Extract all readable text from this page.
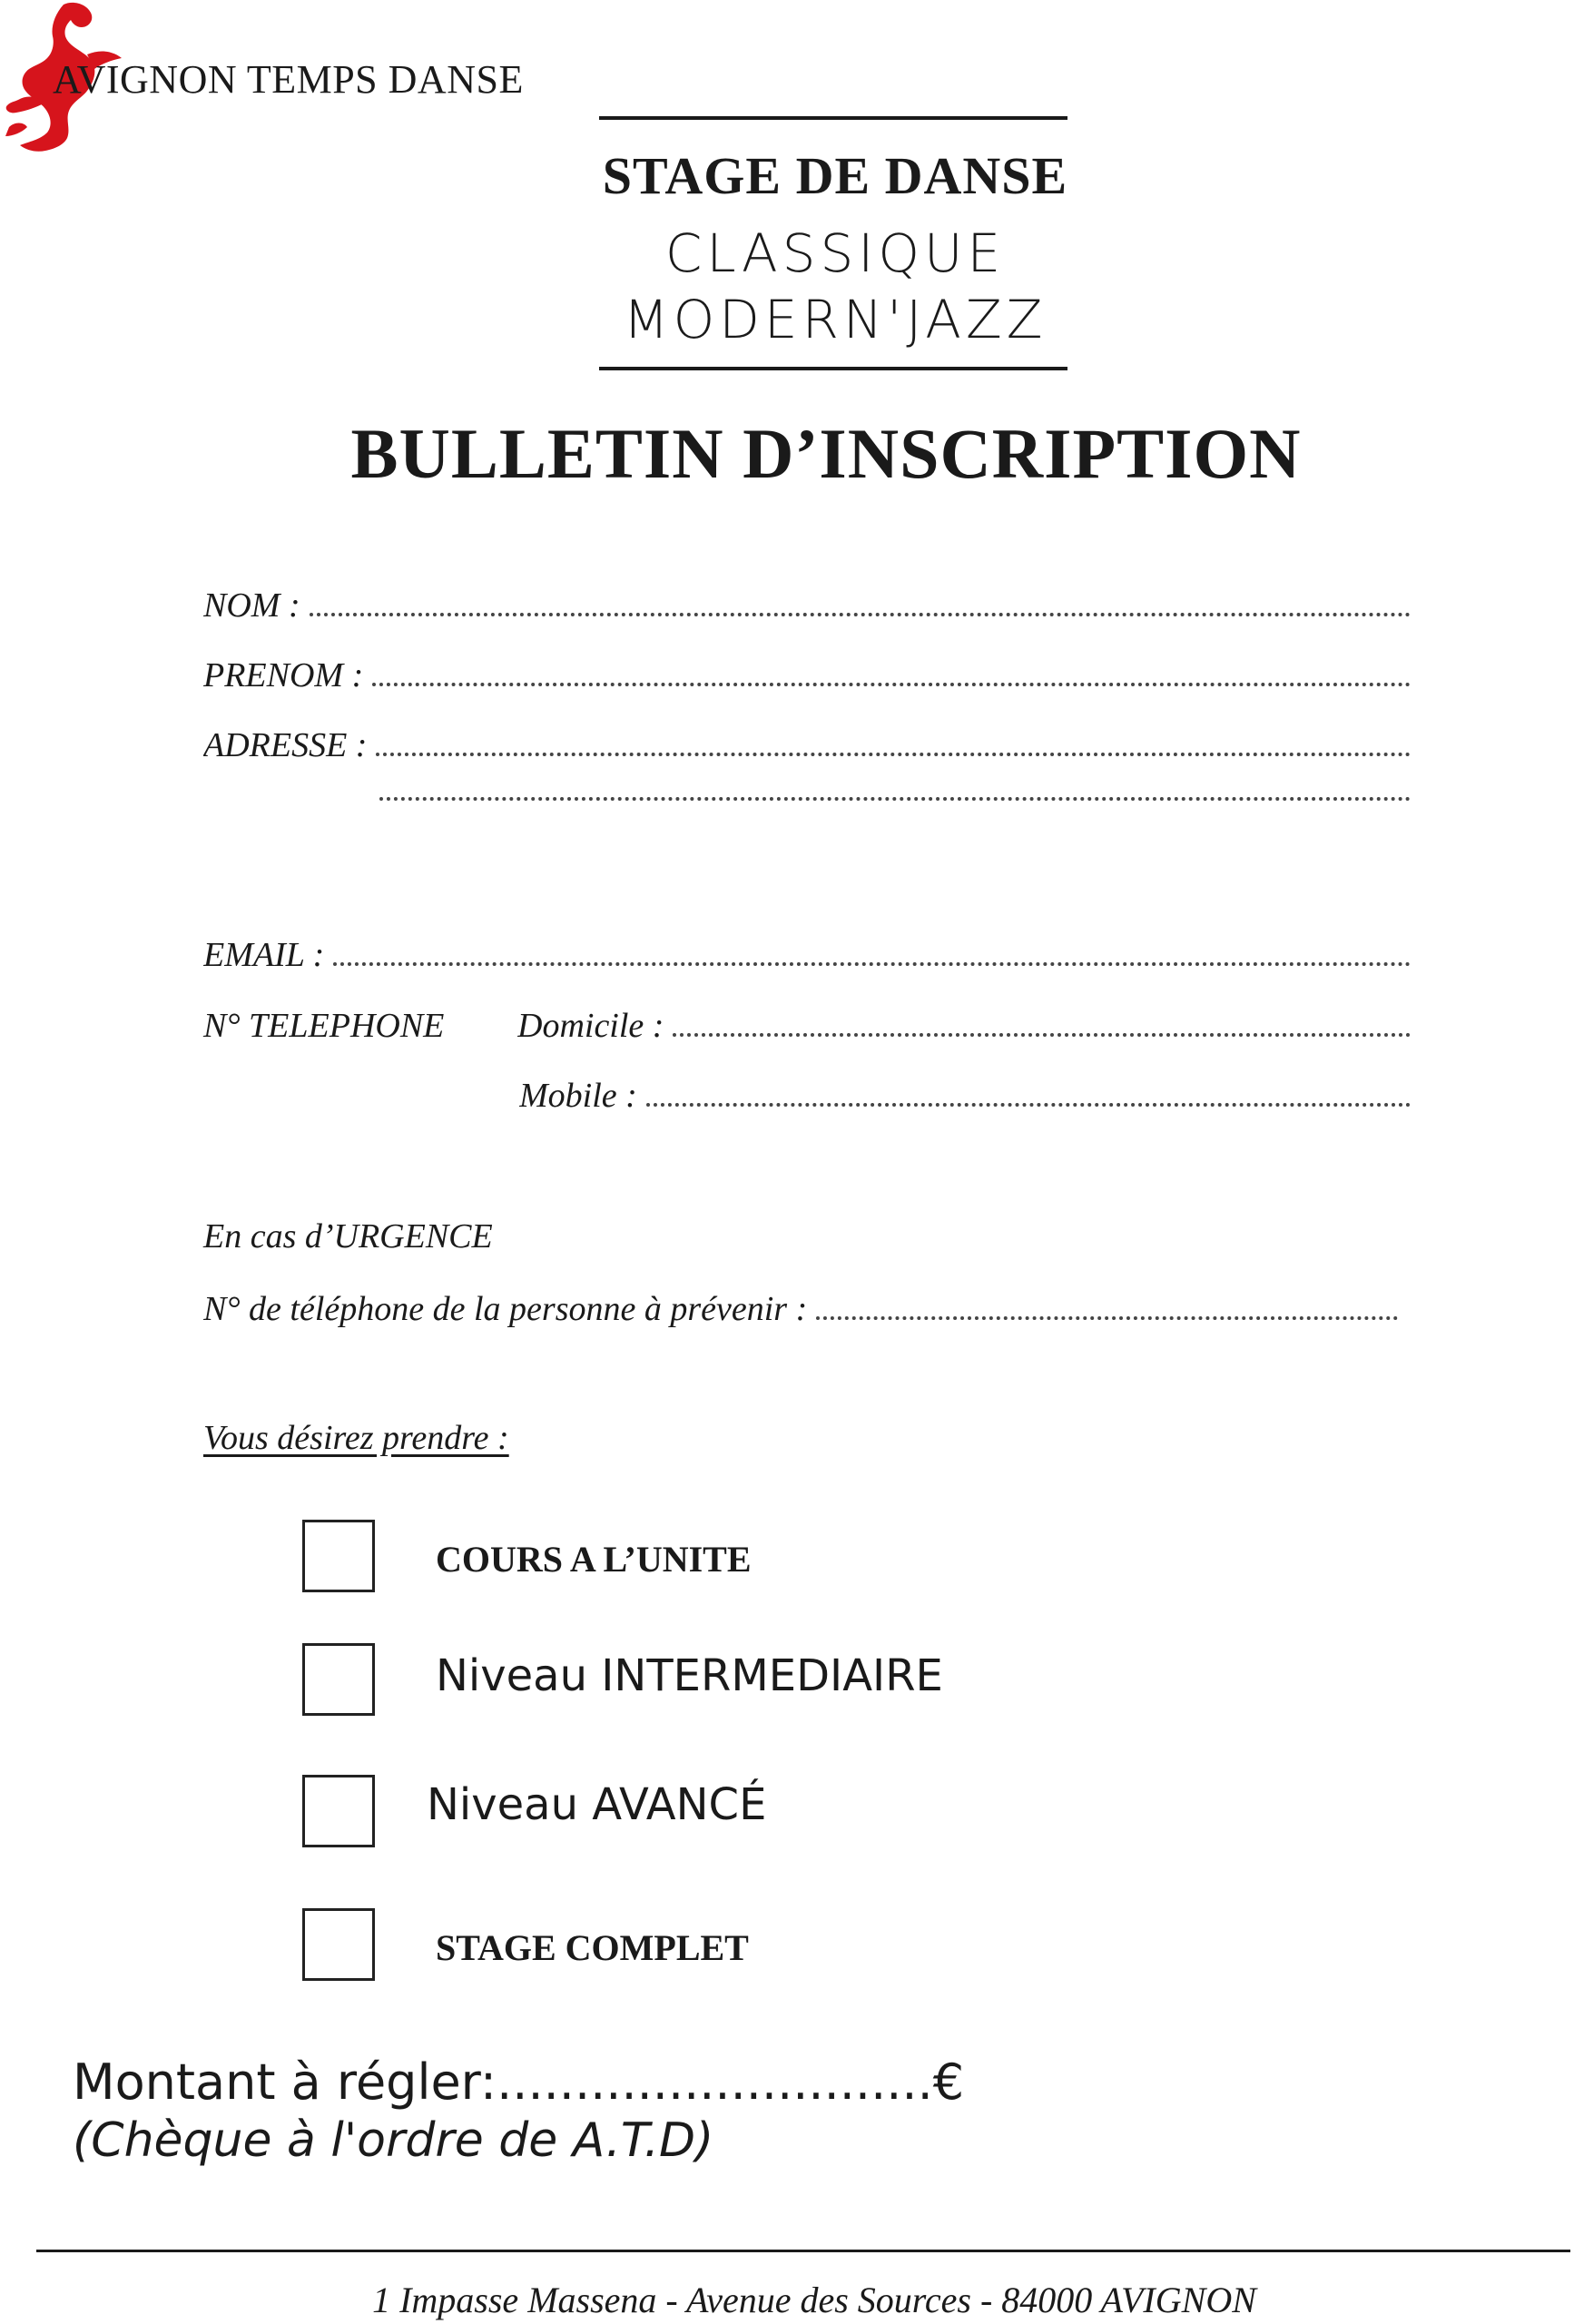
AVIGNON TEMPS DANSE
STAGE DE DANSE
CLASSIQUE
MODERN'JAZZ
BULLETIN D’INSCRIPTION
NOM :
PRENOM :
ADRESSE :
EMAIL :
N° TELEPHONE Domicile :
Mobile :
En cas d’URGENCE
N° de téléphone de la personne à prévenir :
Vous désirez prendre :
COURS A L’UNITE
Niveau INTERMEDIAIRE
Niveau AVANCÉ
STAGE COMPLET
Montant à régler:............................€
(Chèque à l'ordre de A.T.D)
1 Impasse Massena - Avenue des Sources - 84000 AVIGNON
